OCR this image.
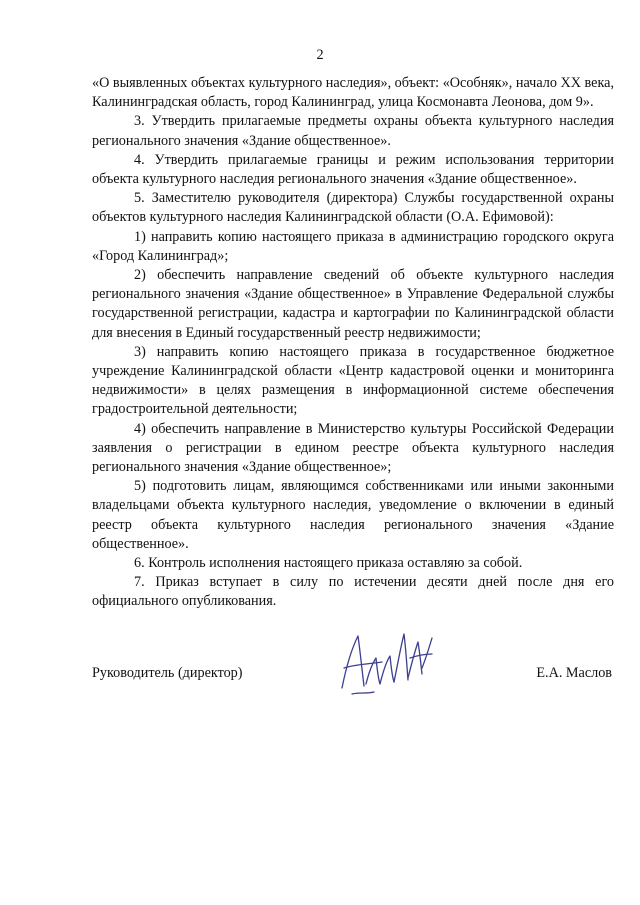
2

«О выявленных объектах культурного наследия», объект: «Особняк», начало XX века, Калининградская область, город Калининград, улица Космонавта Леонова, дом 9».

3. Утвердить прилагаемые предметы охраны объекта культурного наследия регионального значения «Здание общественное».

4. Утвердить прилагаемые границы и режим использования территории объекта культурного наследия регионального значения «Здание общественное».

5. Заместителю руководителя (директора) Службы государственной охраны объектов культурного наследия Калининградской области (О.А. Ефимовой):

1) направить копию настоящего приказа в администрацию городского округа «Город Калининград»;

2) обеспечить направление сведений об объекте культурного наследия регионального значения «Здание общественное» в Управление Федеральной службы государственной регистрации, кадастра и картографии по Калининградской области для внесения в Единый государственный реестр недвижимости;

3) направить копию настоящего приказа в государственное бюджетное учреждение Калининградской области «Центр кадастровой оценки и мониторинга недвижимости» в целях размещения в информационной системе обеспечения градостроительной деятельности;

4) обеспечить направление в Министерство культуры Российской Федерации заявления о регистрации в едином реестре объекта культурного наследия регионального значения «Здание общественное»;

5) подготовить лицам, являющимся собственниками или иными законными владельцами объекта культурного наследия, уведомление о включении в единый реестр объекта культурного наследия регионального значения «Здание общественное».

6. Контроль исполнения настоящего приказа оставляю за собой.

7. Приказ вступает в силу по истечении десяти дней после дня его официального опубликования.

Руководитель (директор)	Е.А. Маслов
